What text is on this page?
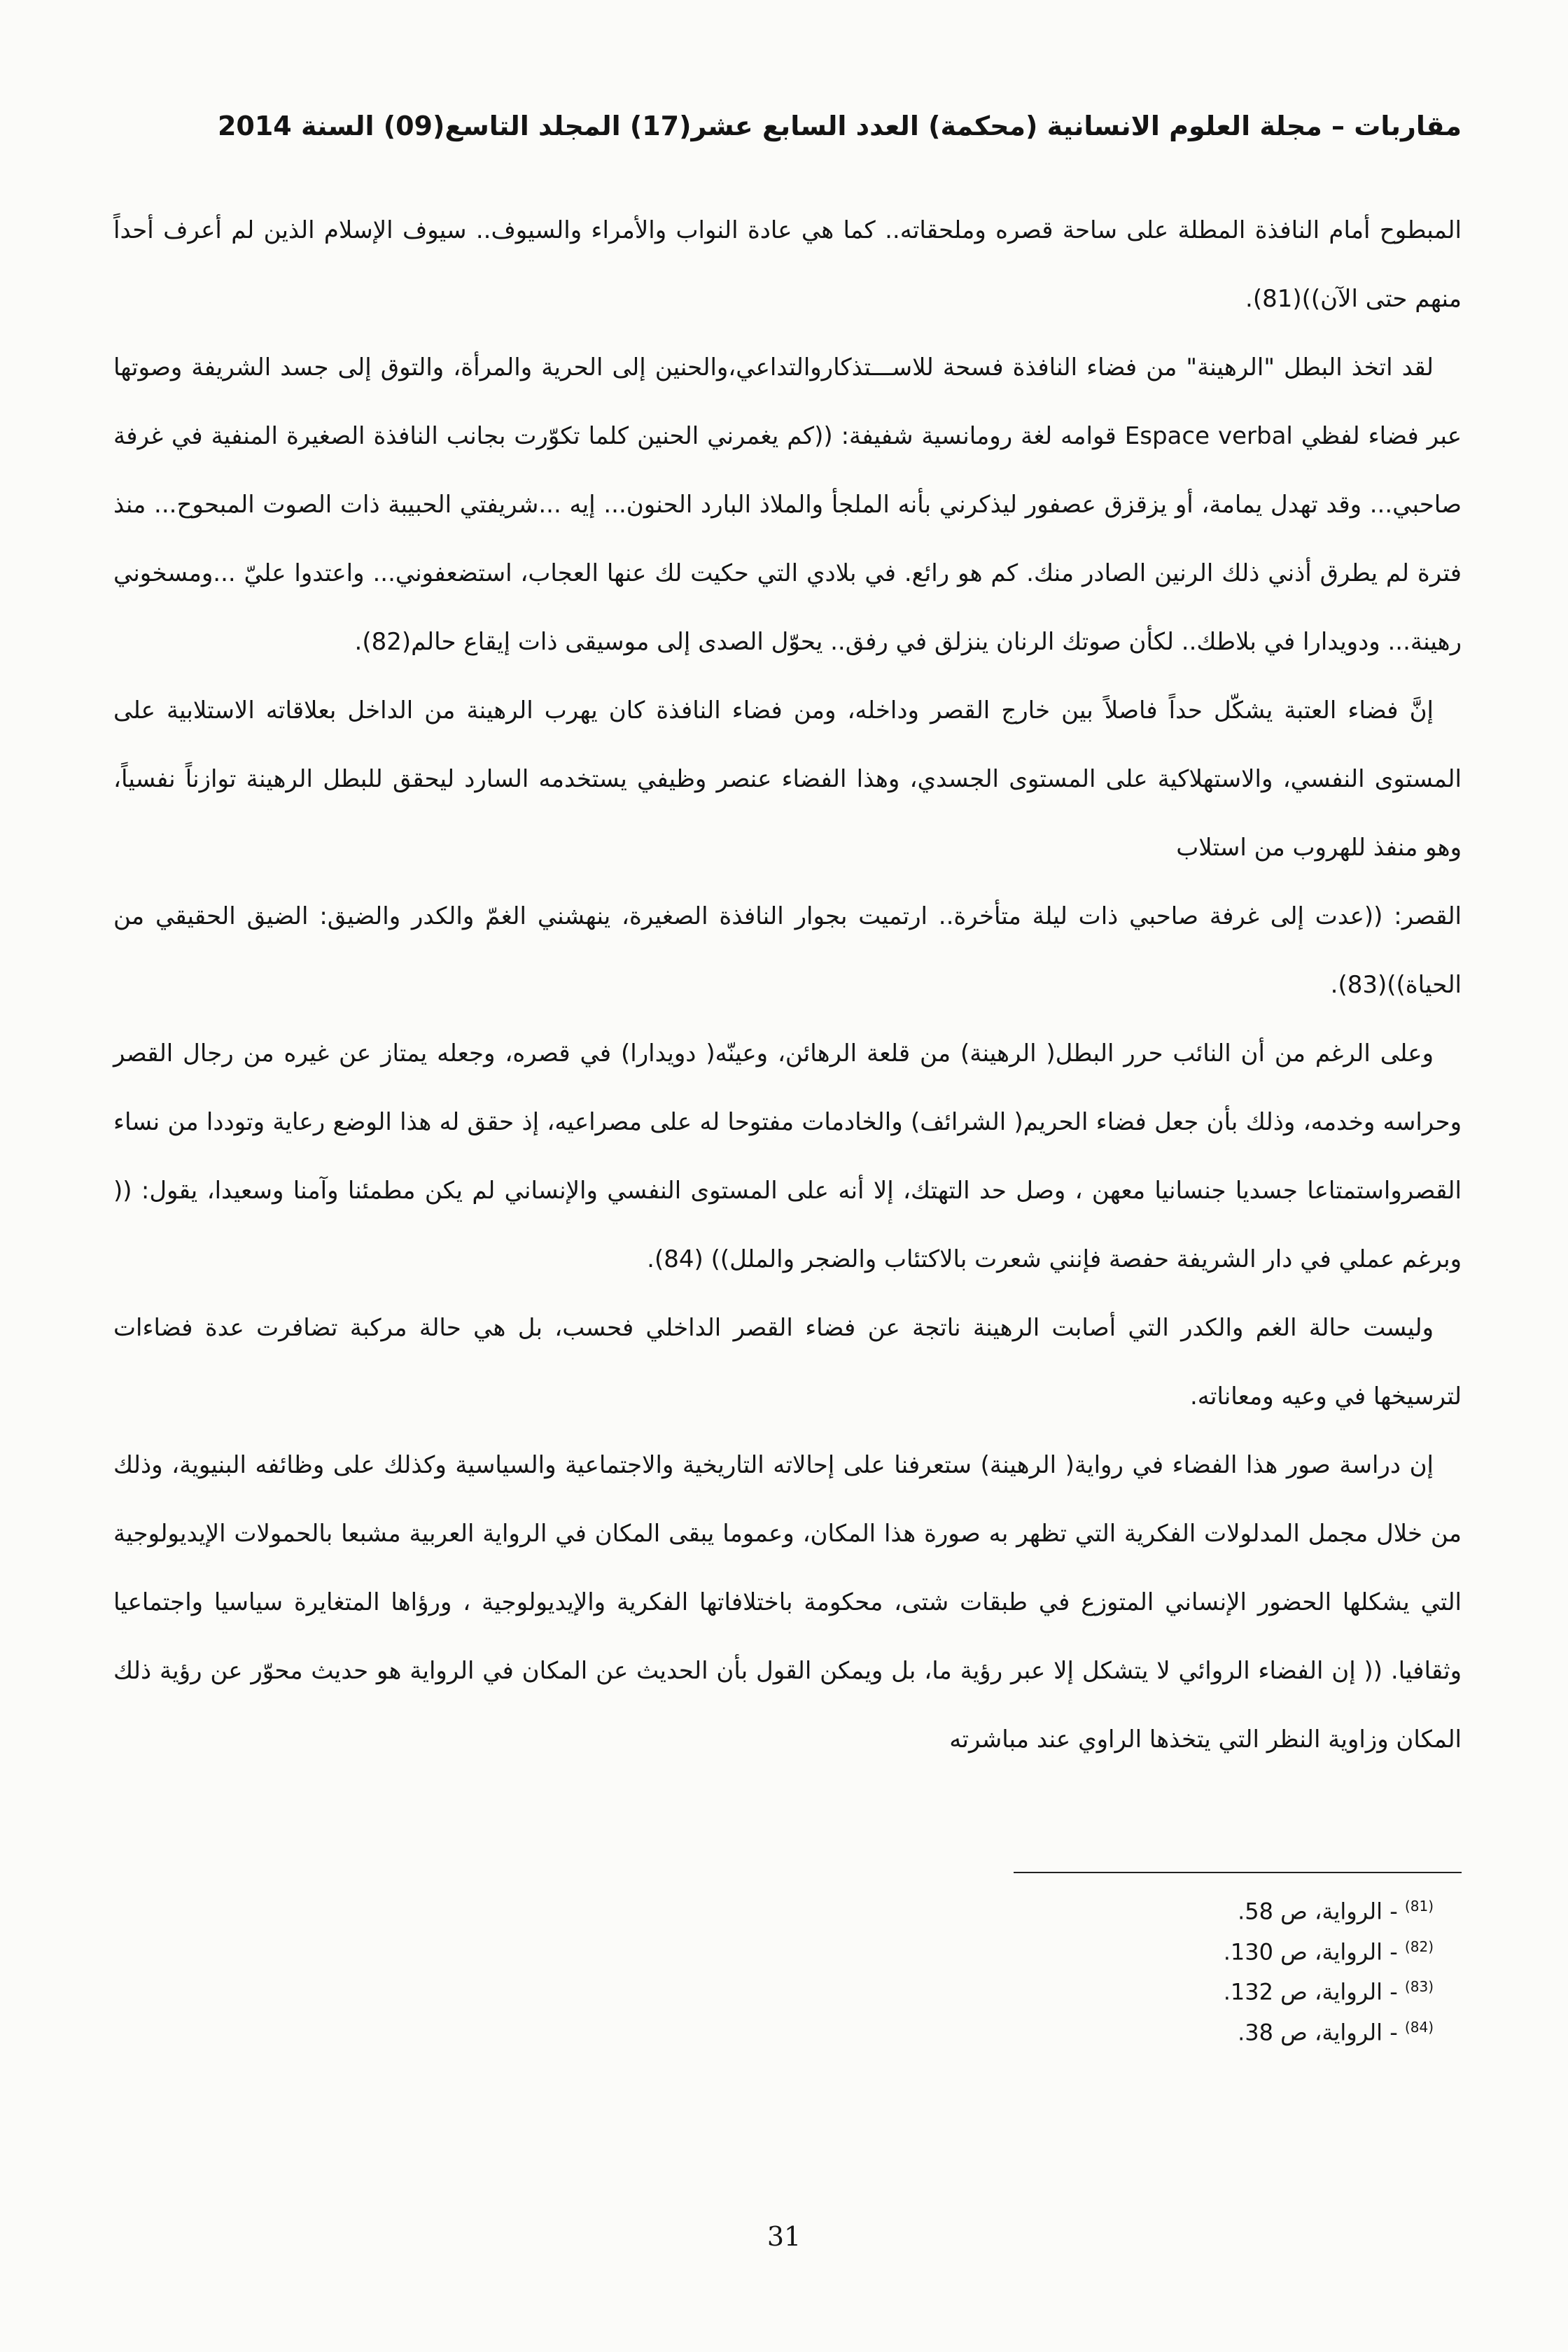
مقاربات – مجلة العلوم الانسانية (محكمة) العدد السابع عشر(17) المجلد التاسع(09) السنة 2014

المبطوح أمام النافذة المطلة على ساحة قصره وملحقاته.. كما هي عادة النواب والأمراء والسيوف.. سيوف الإسلام الذين لم أعرف أحداً منهم حتى الآن))(81).

لقد اتخذ البطل "الرهينة" من فضاء النافذة فسحة للاســـتذكاروالتداعي،والحنين إلى الحرية والمرأة، والتوق إلى جسد الشريفة وصوتها عبر فضاء لفظي Espace verbal قوامه لغة رومانسية شفيفة: ((كم يغمرني الحنين كلما تكوّرت بجانب النافذة الصغيرة المنفية في غرفة صاحبي... وقد تهدل يمامة، أو يزقزق عصفور ليذكرني بأنه الملجأ والملاذ البارد الحنون... إيه ...شريفتي الحبيبة ذات الصوت المبحوح... منذ فترة لم يطرق أذني ذلك الرنين الصادر منك. كم هو رائع. في بلادي التي حكيت لك عنها العجاب، استضعفوني... واعتدوا عليّ ...ومسخوني رهينة... ودويدارا في بلاطك.. لكأن صوتك الرنان ينزلق في رفق.. يحوّل الصدى إلى موسيقى ذات إيقاع حالم(82).

إنَّ فضاء العتبة يشكّل حداً فاصلاً بين خارج القصر وداخله، ومن فضاء النافذة كان يهرب الرهينة من الداخل بعلاقاته الاستلابية على المستوى النفسي، والاستهلاكية على المستوى الجسدي، وهذا الفضاء عنصر وظيفي يستخدمه السارد ليحقق للبطل الرهينة توازناً نفسياً، وهو منفذ للهروب من استلاب

القصر: ((عدت إلى غرفة صاحبي ذات ليلة متأخرة.. ارتميت بجوار النافذة الصغيرة، ينهشني الغمّ والكدر والضيق: الضيق الحقيقي من الحياة))(83).

وعلى الرغم من أن النائب حرر البطل( الرهينة) من قلعة الرهائن، وعينّه( دويدارا) في قصره، وجعله يمتاز عن غيره من رجال القصر وحراسه وخدمه، وذلك بأن جعل فضاء الحريم( الشرائف) والخادمات مفتوحا له على مصراعيه، إذ حقق له هذا الوضع رعاية وتوددا من نساء القصرواستمتاعا جسديا جنسانيا معهن ، وصل حد التهتك، إلا أنه على المستوى النفسي والإنساني لم يكن مطمئنا وآمنا وسعيدا، يقول: (( وبرغم عملي في دار الشريفة حفصة فإنني شعرت بالاكتئاب والضجر والملل)) (84).

وليست حالة الغم والكدر التي أصابت الرهينة ناتجة عن فضاء القصر الداخلي فحسب، بل هي حالة مركبة تضافرت عدة فضاءات لترسيخها في وعيه ومعاناته.

إن دراسة صور هذا الفضاء في رواية( الرهينة) ستعرفنا على إحالاته التاريخية والاجتماعية والسياسية وكذلك على وظائفه البنيوية، وذلك من خلال مجمل المدلولات الفكرية التي تظهر به صورة هذا المكان، وعموما يبقى المكان في الرواية العربية مشبعا بالحمولات الإيديولوجية التي يشكلها الحضور الإنساني المتوزع في طبقات شتى، محكومة باختلافاتها الفكرية والإيديولوجية ، ورؤاها المتغايرة سياسيا واجتماعيا وثقافيا. (( إن الفضاء الروائي لا يتشكل إلا عبر رؤية ما، بل ويمكن القول بأن الحديث عن المكان في الرواية هو حديث محوّر عن رؤية ذلك المكان وزاوية النظر التي يتخذها الراوي عند مباشرته

$^{(81)}$ - الرواية، ص 58.
$^{(82)}$ - الرواية، ص 130.
$^{(83)}$ - الرواية، ص 132.
$^{(84)}$ - الرواية، ص 38.
31
